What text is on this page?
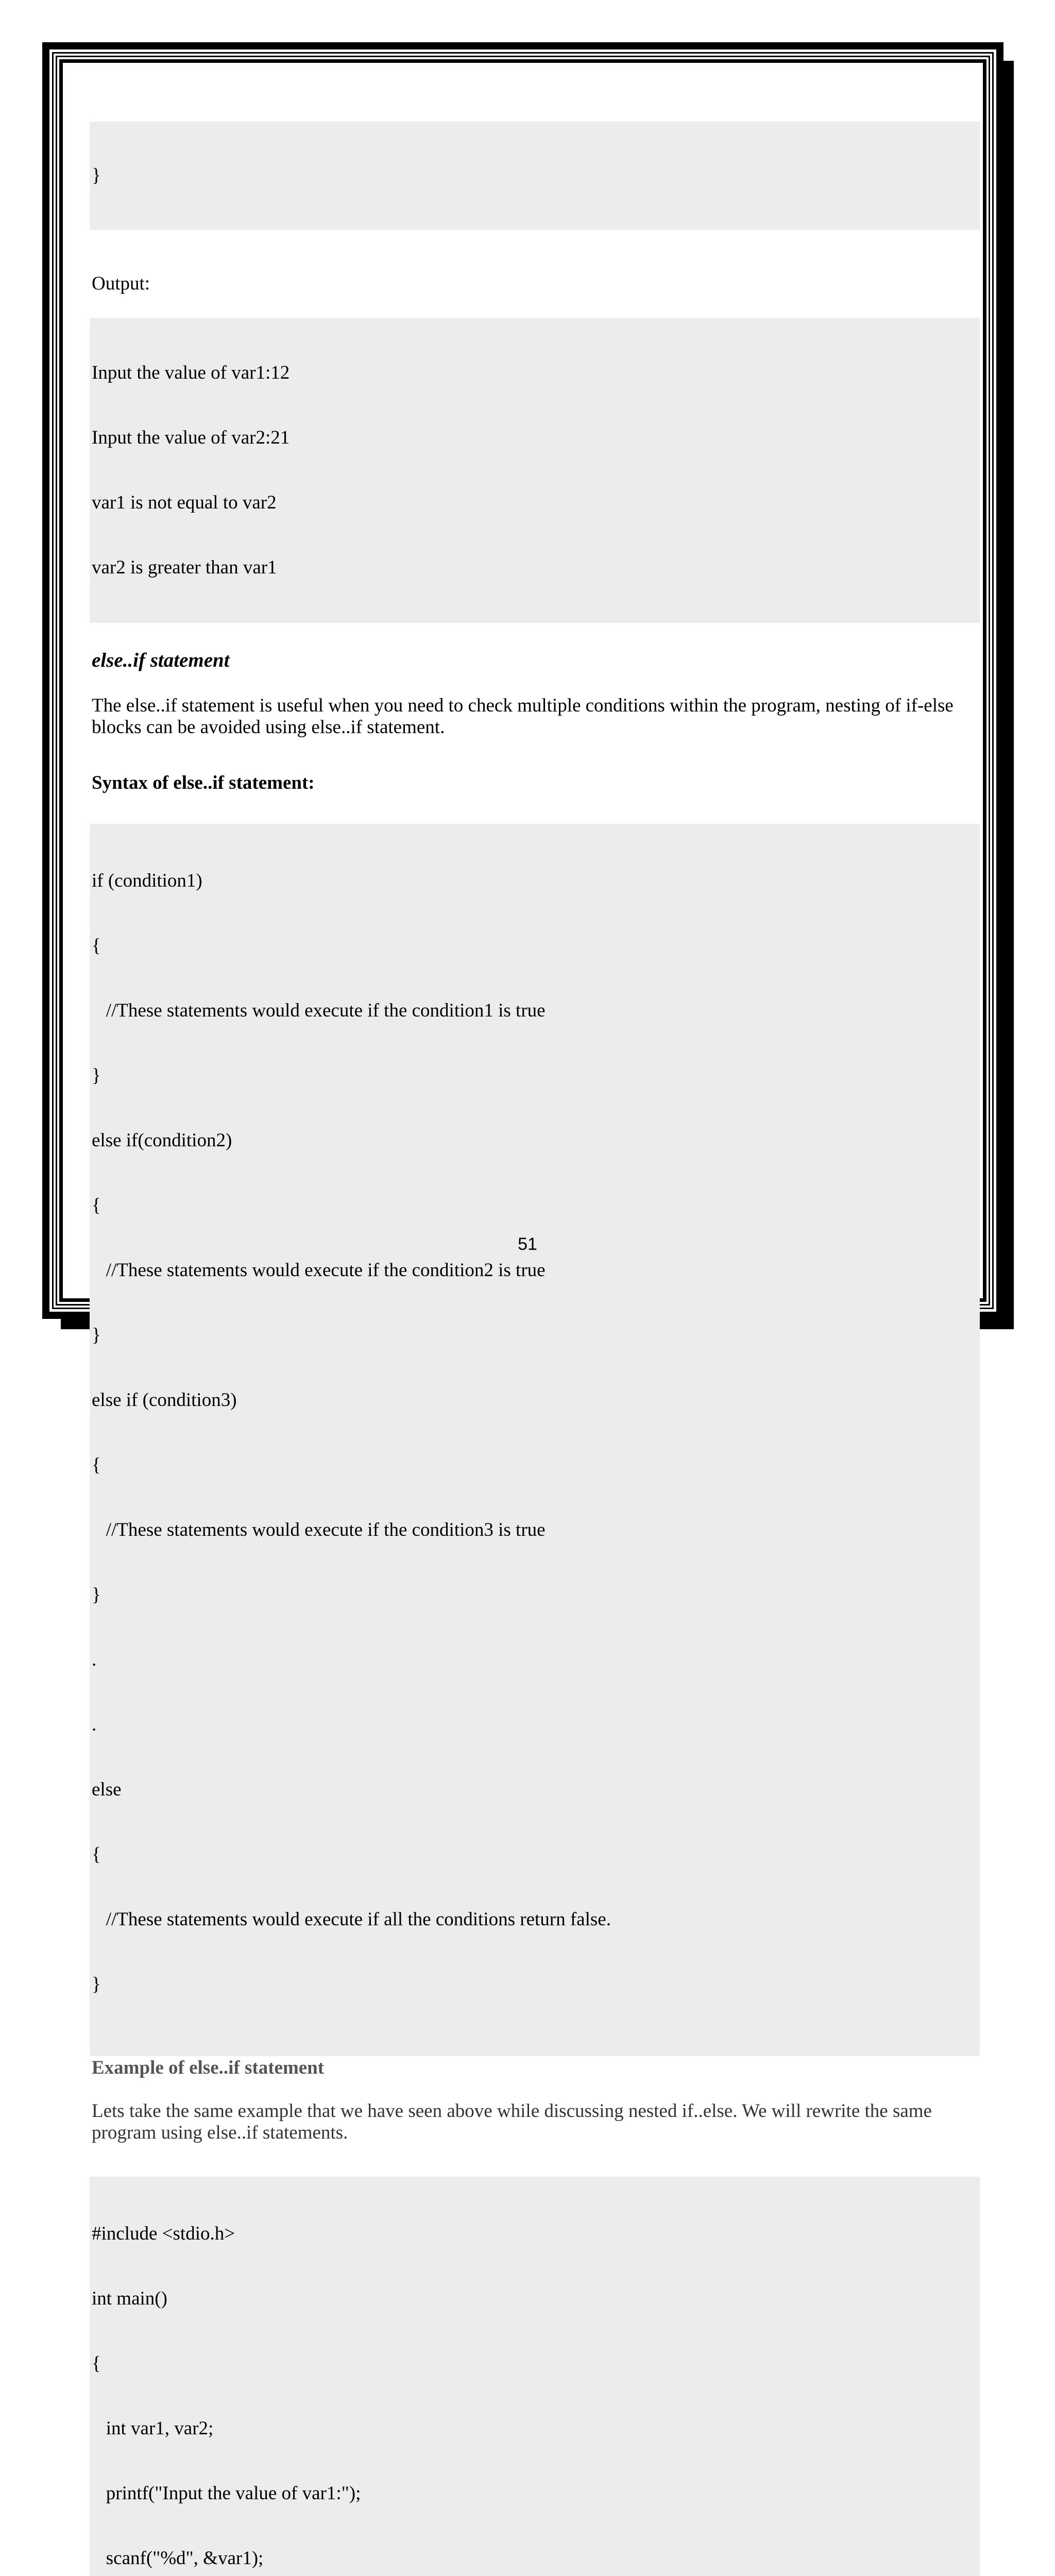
}

Output:

Input the value of var1:12

Input the value of var2:21

var1 is not equal to var2

var2 is greater than var1

else..if statement
The else..if statement is useful when you need to check multiple conditions within the program, nesting of if-else
blocks can be avoided using else..if statement.
Syntax of else..if statement:

if (condition1)

{

//These statements would execute if the condition1 is true

}

else if(condition2)

{

//These statements would execute if the condition2 is true

}

else if (condition3)

{

//These statements would execute if the condition3 is true

}

.

.

else

{

//These statements would execute if all the conditions return false.

}

Example of else..if statement
Lets take the same example that we have seen above while discussing nested if..else. We will rewrite the same
program using else..if statements.

#include <stdio.h>

int main()

{

int var1, var2;

printf("Input the value of var1:");

scanf("%d", &var1);

51
